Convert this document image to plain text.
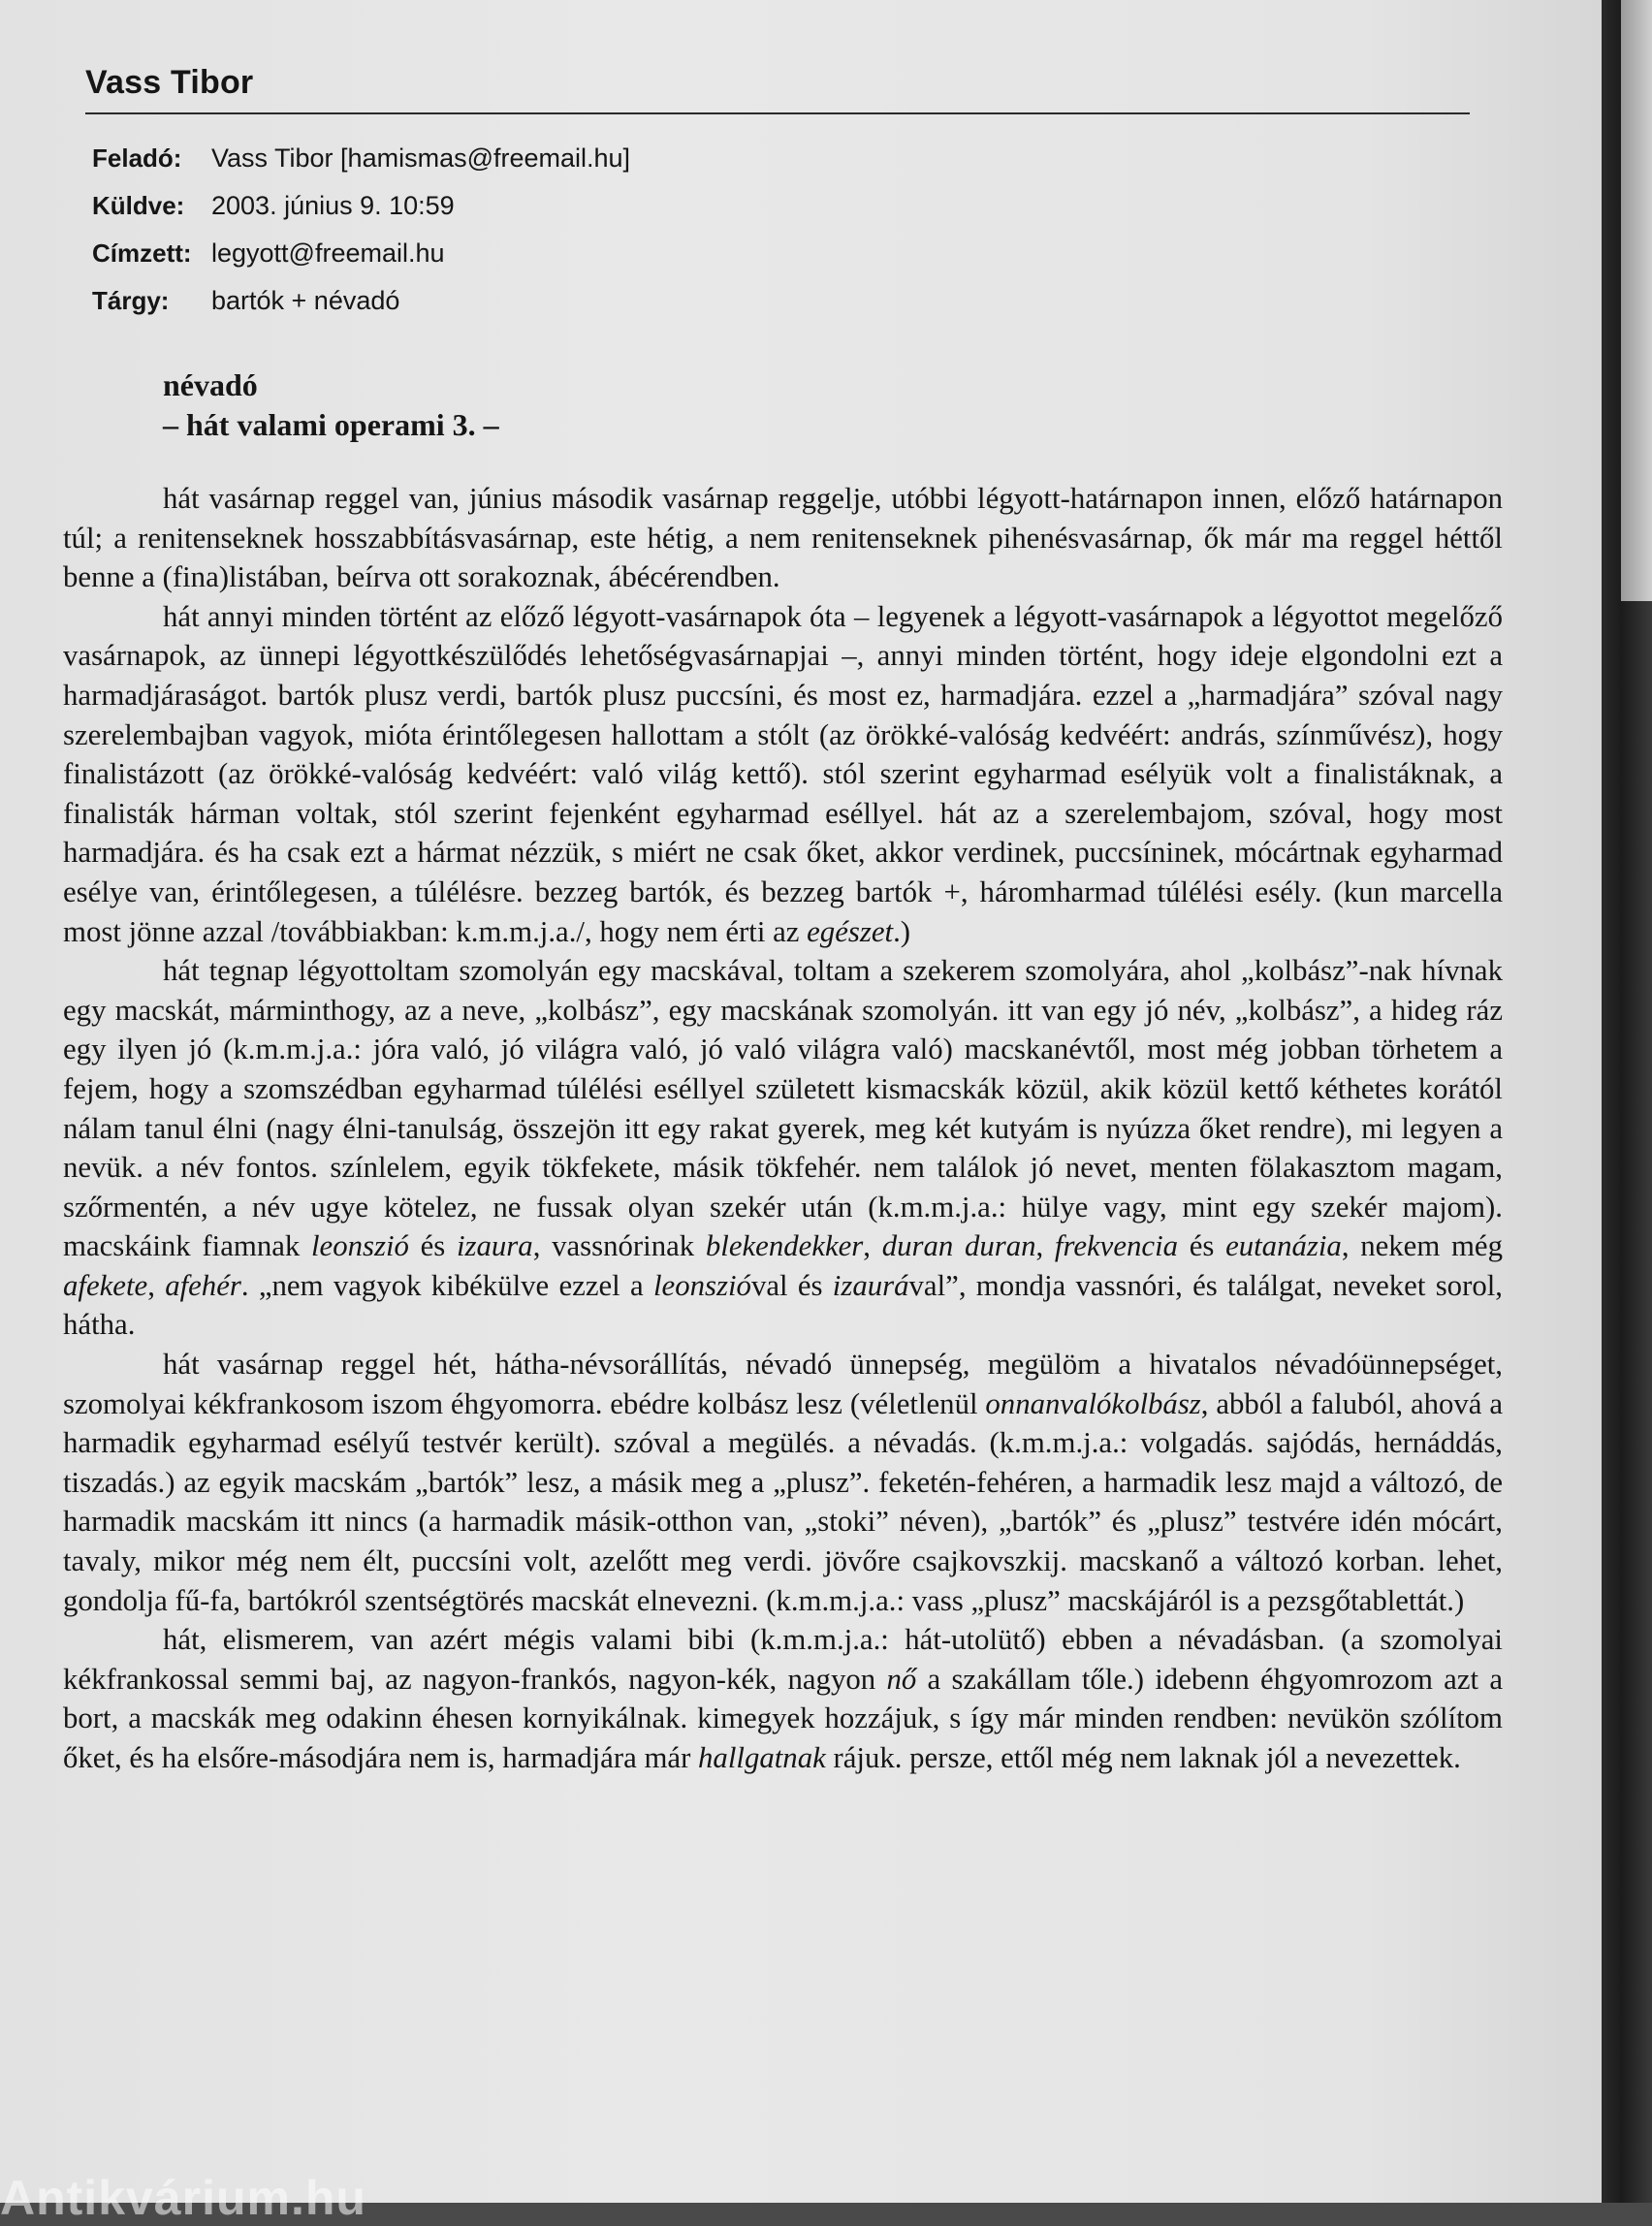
Vass Tibor
Feladó: Vass Tibor [hamismas@freemail.hu]
Küldve: 2003. június 9. 10:59
Címzett: legyott@freemail.hu
Tárgy: bartók + névadó
névadó
– hát valami operami 3. –

hát vasárnap reggel van, június második vasárnap reggelje, utóbbi légyott-határnapon innen, előző határnapon túl; a renitenseknek hosszabbításvasárnap, este hétig, a nem renitenseknek pihenésvasárnap, ők már ma reggel héttől benne a (fina)listában, beírva ott sorakoznak, ábécérendben.

hát annyi minden történt az előző légyott-vasárnapok óta – legyenek a légyott-vasárnapok a légyottot megelőző vasárnapok, az ünnepi légyottkészülődés lehetőségvasárnapjai –, annyi minden történt, hogy ideje elgondolni ezt a harmadjáraságot. bartók plusz verdi, bartók plusz puccsíni, és most ez, harmadjára. ezzel a „harmadjára” szóval nagy szerelembajban vagyok, mióta érintőlegesen hallottam a stólt (az örökké-valóság kedvéért: andrás, színművész), hogy finalistázott (az örökké-valóság kedvéért: való világ kettő). stól szerint egyharmad esélyük volt a finalistáknak, a finalisták hárman voltak, stól szerint fejenként egyharmad eséllyel. hát az a szerelembajom, szóval, hogy most harmadjára. és ha csak ezt a hármat nézzük, s miért ne csak őket, akkor verdinek, puccsíninek, mócártnak egyharmad esélye van, érintőlegesen, a túlélésre. bezzeg bartók, és bezzeg bartók +, háromharmad túlélési esély. (kun marcella most jönne azzal /továbbiakban: k.m.m.j.a./, hogy nem érti az egészet.)

hát tegnap légyottoltam szomolyán egy macskával, toltam a szekerem szomolyára, ahol „kolbász”-nak hívnak egy macskát, márminthogy, az a neve, „kolbász”, egy macskának szomolyán. itt van egy jó név, „kolbász”, a hideg ráz egy ilyen jó (k.m.m.j.a.: jóra való, jó világra való, jó való világra való) macskanévtől, most még jobban törhetem a fejem, hogy a szomszédban egyharmad túlélési eséllyel született kismacskák közül, akik közül kettő kéthetes korától nálam tanul élni (nagy élni-tanulság, összejön itt egy rakat gyerek, meg két kutyám is nyúzza őket rendre), mi legyen a nevük. a név fontos. színlelem, egyik tökfekete, másik tökfehér. nem találok jó nevet, menten fölakasztom magam, szőrmentén, a név ugye kötelez, ne fussak olyan szekér után (k.m.m.j.a.: hülye vagy, mint egy szekér majom). macskáink fiamnak leonszió és izaura, vassnórinak blekendekker, duran duran, frekvencia és eutanázia, nekem még afekete, afehér. „nem vagyok kibékülve ezzel a leonszióval és izaurával”, mondja vassnóri, és találgat, neveket sorol, hátha.

hát vasárnap reggel hét, hátha-névsorállítás, névadó ünnepség, megülöm a hivatalos névadóünnepséget, szomolyai kékfrankosom iszom éhgyomorra. ebédre kolbász lesz (véletlenül onnanvalókolbász, abból a faluból, ahová a harmadik egyharmad esélyű testvér került). szóval a megülés. a névadás. (k.m.m.j.a.: volgadás. sajódás, hernáddás, tiszadás.) az egyik macskám „bartók” lesz, a másik meg a „plusz”. feketén-fehéren, a harmadik lesz majd a változó, de harmadik macskám itt nincs (a harmadik másik-otthon van, „stoki” néven), „bartók” és „plusz” testvére idén mócárt, tavaly, mikor még nem élt, puccsíni volt, azelőtt meg verdi. jövőre csajkovszkij. macskanő a változó korban. lehet, gondolja fű-fa, bartókról szentségtörés macskát elnevezni. (k.m.m.j.a.: vass „plusz” macskájáról is a pezsgőtablettát.)

hát, elismerem, van azért mégis valami bibi (k.m.m.j.a.: hát-utolütő) ebben a névadásban. (a szomolyai kékfrankossal semmi baj, az nagyon-frankós, nagyon-kék, nagyon nő a szakállam tőle.) idebenn éhgyomrozom azt a bort, a macskák meg odakinn éhesen kornyikálnak. kimegyek hozzájuk, s így már minden rendben: nevükön szólítom őket, és ha elsőre-másodjára nem is, harmadjára már hallgatnak rájuk. persze, ettől még nem laknak jól a nevezettek.

Antikvárium.hu
